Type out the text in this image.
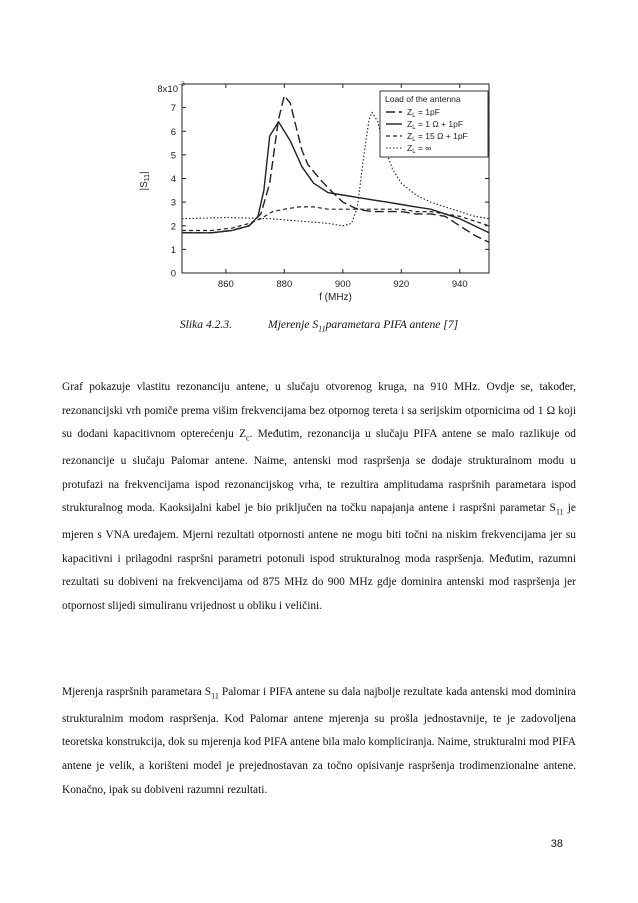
0
1
2
3
4
5
6
7
8x10 -3
860	880	900	920	940
f (MHz)
$|S_{11}|$
Load of the antenna
$Z_L = 1pF$
$Z_L = 1$ Ω + 1pF
$Z_L = 15$ Ω + 1pF
$Z_L$ = ∞
Slika 4.2.3.	Mjerenje $S_{11}parametara$ PIFA antene [7]

Graf pokazuje vlastitu rezonanciju antene, u slučaju otvorenog kruga, na 910 MHz. Ovdje se, također, rezonancijski vrh pomiče prema višim frekvencijama bez otpornog tereta i sa serijskim otpornicima od 1 Ω koji su dodani kapacitivnom opterećenju $Z_c$. Međutim, rezonancija u slučaju PIFA antene se malo razlikuje od rezonancije u slučaju Palomar antene. Naime, antenski mod raspršenja se dodaje strukturalnom modu u protufazi na frekvencijama ispod rezonancijskog vrha, te rezultira amplitudama raspršnih parametara ispod strukturalnog moda. Kaoksijalni kabel je bio priključen na točku napajanja antene i raspršni parametar $S_{11}$ je mjeren s VNA uređajem. Mjerni rezultati otpornosti antene ne mogu biti točni na niskim frekvencijama jer su kapacitivni i prilagodni raspršni parametri potonuli ispod strukturalnog moda raspršenja. Međutim, razumni rezultati su dobiveni na frekvencijama od 875 MHz do 900 MHz gdje dominira antenski mod raspršenja jer otpornost slijedi simuliranu vrijednost u obliku i veličini.

Mjerenja raspršnih parametara $S_{11}$ Palomar i PIFA antene su dala najbolje rezultate kada antenski mod dominira strukturalnim modom raspršenja. Kod Palomar antene mjerenja su prošla jednostavnije, te je zadovoljena teoretska konstrukcija, dok su mjerenja kod PIFA antene bila malo kompliciranja. Naime, strukturalni mod PIFA antene je velik, a korišteni model je prejednostavan za točno opisivanje raspršenja trodimenzionalne antene. Konačno, ipak su dobiveni razumni rezultati.

38
